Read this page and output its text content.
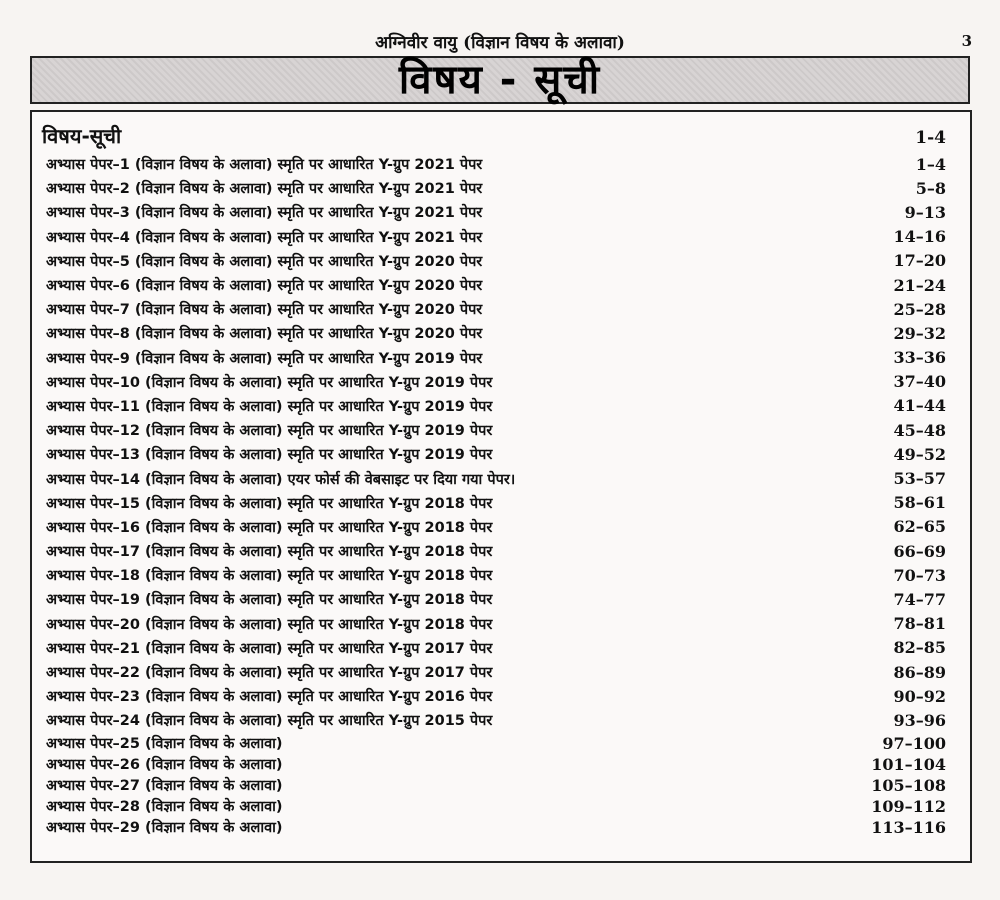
अग्निवीर वायु (विज्ञान विषय के अलावा)	3
विषय - सूची
विषय-सूची	1-4
अभ्यास पेपर–1 (विज्ञान विषय के अलावा) स्मृति पर आधारित Y-ग्रुप 2021 पेपर	1–4
अभ्यास पेपर–2 (विज्ञान विषय के अलावा) स्मृति पर आधारित Y-ग्रुप 2021 पेपर	5–8
अभ्यास पेपर–3 (विज्ञान विषय के अलावा) स्मृति पर आधारित Y-ग्रुप 2021 पेपर	9–13
अभ्यास पेपर–4 (विज्ञान विषय के अलावा) स्मृति पर आधारित Y-ग्रुप 2021 पेपर	14–16
अभ्यास पेपर–5 (विज्ञान विषय के अलावा) स्मृति पर आधारित Y-ग्रुप 2020 पेपर	17–20
अभ्यास पेपर–6 (विज्ञान विषय के अलावा) स्मृति पर आधारित Y-ग्रुप 2020 पेपर	21–24
अभ्यास पेपर–7 (विज्ञान विषय के अलावा) स्मृति पर आधारित Y-ग्रुप 2020 पेपर	25–28
अभ्यास पेपर–8 (विज्ञान विषय के अलावा) स्मृति पर आधारित Y-ग्रुप 2020 पेपर	29–32
अभ्यास पेपर–9 (विज्ञान विषय के अलावा) स्मृति पर आधारित Y-ग्रुप 2019 पेपर	33–36
अभ्यास पेपर–10 (विज्ञान विषय के अलावा) स्मृति पर आधारित Y-ग्रुप 2019 पेपर	37–40
अभ्यास पेपर–11 (विज्ञान विषय के अलावा) स्मृति पर आधारित Y-ग्रुप 2019 पेपर	41–44
अभ्यास पेपर–12 (विज्ञान विषय के अलावा) स्मृति पर आधारित Y-ग्रुप 2019 पेपर	45–48
अभ्यास पेपर–13 (विज्ञान विषय के अलावा) स्मृति पर आधारित Y-ग्रुप 2019 पेपर	49–52
अभ्यास पेपर–14 (विज्ञान विषय के अलावा) एयर फोर्स की वेबसाइट पर दिया गया पेपर।	53–57
अभ्यास पेपर–15 (विज्ञान विषय के अलावा) स्मृति पर आधारित Y-ग्रुप 2018 पेपर	58–61
अभ्यास पेपर–16 (विज्ञान विषय के अलावा) स्मृति पर आधारित Y-ग्रुप 2018 पेपर	62–65
अभ्यास पेपर–17 (विज्ञान विषय के अलावा) स्मृति पर आधारित Y-ग्रुप 2018 पेपर	66–69
अभ्यास पेपर–18 (विज्ञान विषय के अलावा) स्मृति पर आधारित Y-ग्रुप 2018 पेपर	70–73
अभ्यास पेपर–19 (विज्ञान विषय के अलावा) स्मृति पर आधारित Y-ग्रुप 2018 पेपर	74–77
अभ्यास पेपर–20 (विज्ञान विषय के अलावा) स्मृति पर आधारित Y-ग्रुप 2018 पेपर	78–81
अभ्यास पेपर–21 (विज्ञान विषय के अलावा) स्मृति पर आधारित Y-ग्रुप 2017 पेपर	82–85
अभ्यास पेपर–22 (विज्ञान विषय के अलावा) स्मृति पर आधारित Y-ग्रुप 2017 पेपर	86–89
अभ्यास पेपर–23 (विज्ञान विषय के अलावा) स्मृति पर आधारित Y-ग्रुप 2016 पेपर	90–92
अभ्यास पेपर–24 (विज्ञान विषय के अलावा) स्मृति पर आधारित Y-ग्रुप 2015 पेपर	93–96
अभ्यास पेपर–25 (विज्ञान विषय के अलावा)	97–100
अभ्यास पेपर–26 (विज्ञान विषय के अलावा)	101–104
अभ्यास पेपर–27 (विज्ञान विषय के अलावा)	105–108
अभ्यास पेपर–28 (विज्ञान विषय के अलावा)	109–112
अभ्यास पेपर–29 (विज्ञान विषय के अलावा)	113–116
